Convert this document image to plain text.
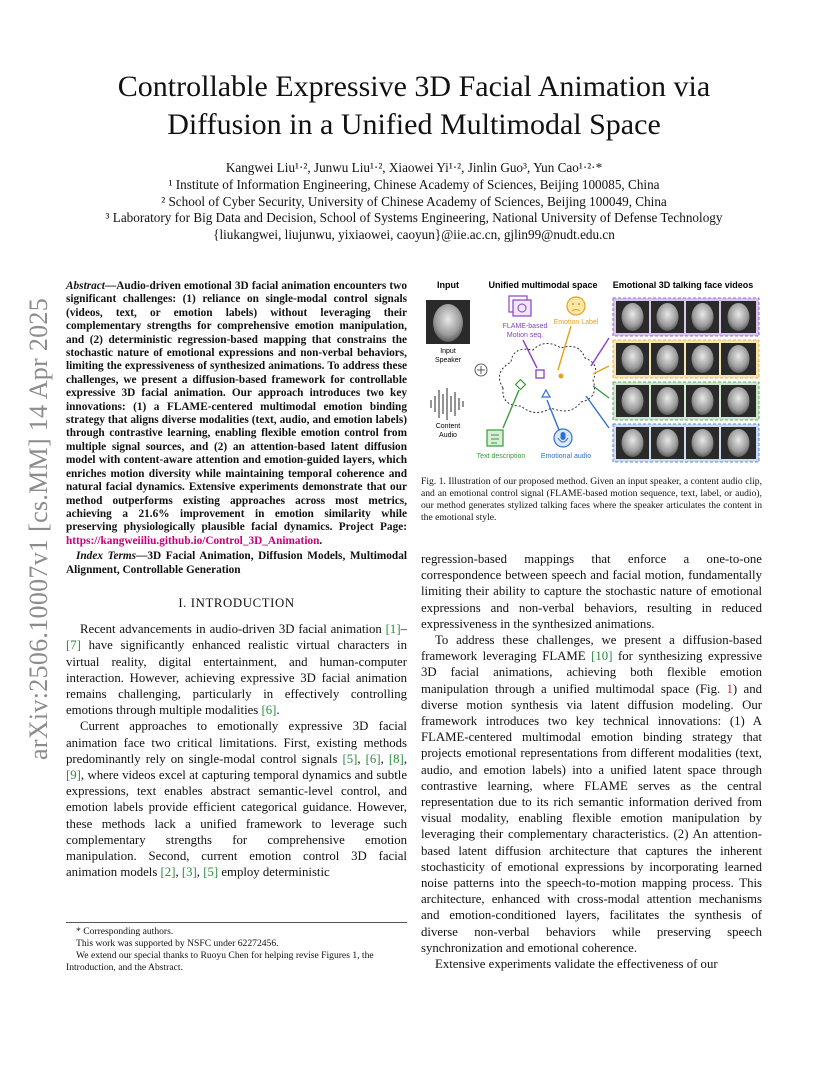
arXiv:2506.10007v1 [cs.MM] 14 Apr 2025
Controllable Expressive 3D Facial Animation via
Diffusion in a Unified Multimodal Space
Kangwei Liu¹·², Junwu Liu¹·², Xiaowei Yi¹·², Jinlin Guo³, Yun Cao¹·²·*
¹ Institute of Information Engineering, Chinese Academy of Sciences, Beijing 100085, China
² School of Cyber Security, University of Chinese Academy of Sciences, Beijing 100049, China
³ Laboratory for Big Data and Decision, School of Systems Engineering, National University of Defense Technology
{liukangwei, liujunwu, yixiaowei, caoyun}@iie.ac.cn, gjlin99@nudt.edu.cn

Abstract—Audio-driven emotional 3D facial animation encounters two significant challenges: (1) reliance on single-modal control signals (videos, text, or emotion labels) without leveraging their complementary strengths for comprehensive emotion manipulation, and (2) deterministic regression-based mapping that constrains the stochastic nature of emotional expressions and non-verbal behaviors, limiting the expressiveness of synthesized animations. To address these challenges, we present a diffusion-based framework for controllable expressive 3D facial animation. Our approach introduces two key innovations: (1) a FLAME-centered multimodal emotion binding strategy that aligns diverse modalities (text, audio, and emotion labels) through contrastive learning, enabling flexible emotion control from multiple signal sources, and (2) an attention-based latent diffusion model with content-aware attention and emotion-guided layers, which enriches motion diversity while maintaining temporal coherence and natural facial dynamics. Extensive experiments demonstrate that our method outperforms existing approaches across most metrics, achieving a 21.6% improvement in emotion similarity while preserving physiologically plausible facial dynamics. Project Page: https://kangweiiliu.github.io/Control_3D_Animation.

Index Terms—3D Facial Animation, Diffusion Models, Multimodal Alignment, Controllable Generation

I. INTRODUCTION

Recent advancements in audio-driven 3D facial animation [1]–[7] have significantly enhanced realistic virtual characters in virtual reality, digital entertainment, and human-computer interaction. However, achieving expressive 3D facial animation remains challenging, particularly in effectively controlling emotions through multiple modalities [6].

Current approaches to emotionally expressive 3D facial animation face two critical limitations. First, existing methods predominantly rely on single-modal control signals [5], [6], [8], [9], where videos excel at capturing temporal dynamics and subtle expressions, text enables abstract semantic-level control, and emotion labels provide efficient categorical guidance. However, these methods lack a unified framework to leverage such complementary strengths for comprehensive emotion manipulation. Second, current emotion control 3D facial animation models [2], [3], [5] employ deterministic

* Corresponding authors.

This work was supported by NSFC under 62272456.

We extend our special thanks to Ruoyu Chen for helping revise Figures 1, the Introduction, and the Abstract.

Input	Unified multimodal space Emotional 3D talking face videos
Input
Speaker
Content
Audio
FLAME-based
Motion seq.
Emotion Label
Text description Emotional audio
Fig. 1. Illustration of our proposed method. Given an input speaker, a content audio clip, and an emotional control signal (FLAME-based motion sequence, text, label, or audio), our method generates stylized talking faces where the speaker articulates the content in the emotional style.

regression-based mappings that enforce a one-to-one correspondence between speech and facial motion, fundamentally limiting their ability to capture the stochastic nature of emotional expressions and non-verbal behaviors, resulting in reduced expressiveness in the synthesized animations.

To address these challenges, we present a diffusion-based framework leveraging FLAME [10] for synthesizing expressive 3D facial animations, achieving both flexible emotion manipulation through a unified multimodal space (Fig. 1) and diverse motion synthesis via latent diffusion modeling. Our framework introduces two key technical innovations: (1) A FLAME-centered multimodal emotion binding strategy that projects emotional representations from different modalities (text, audio, and emotion labels) into a unified latent space through contrastive learning, where FLAME serves as the central representation due to its rich semantic information derived from visual modality, enabling flexible emotion manipulation by leveraging their complementary characteristics. (2) An attention-based latent diffusion architecture that captures the inherent stochasticity of emotional expressions by incorporating learned noise patterns into the speech-to-motion mapping process. This architecture, enhanced with cross-modal attention mechanisms and emotion-conditioned layers, facilitates the synthesis of diverse non-verbal behaviors while preserving speech synchronization and emotional coherence.

Extensive experiments validate the effectiveness of our
